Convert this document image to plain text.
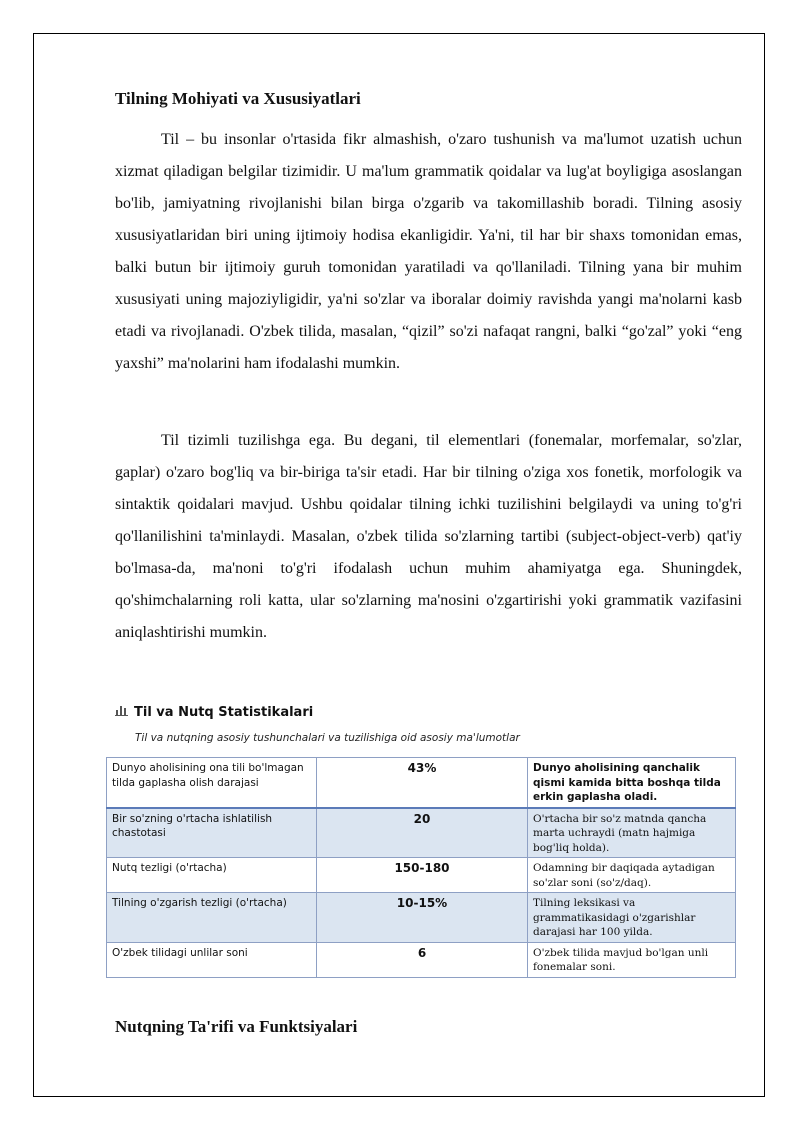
Tilning Mohiyati va Xususiyatlari

Til – bu insonlar o'rtasida fikr almashish, o'zaro tushunish va ma'lumot uzatish uchun xizmat qiladigan belgilar tizimidir. U ma'lum grammatik qoidalar va lug'at boyligiga asoslangan bo'lib, jamiyatning rivojlanishi bilan birga o'zgarib va takomillashib boradi. Tilning asosiy xususiyatlaridan biri uning ijtimoiy hodisa ekanligidir. Ya'ni, til har bir shaxs tomonidan emas, balki butun bir ijtimoiy guruh tomonidan yaratiladi va qo'llaniladi. Tilning yana bir muhim xususiyati uning majoziyligidir, ya'ni so'zlar va iboralar doimiy ravishda yangi ma'nolarni kasb etadi va rivojlanadi. O'zbek tilida, masalan, “qizil” so'zi nafaqat rangni, balki “go'zal” yoki “eng yaxshi” ma'nolarini ham ifodalashi mumkin.

Til tizimli tuzilishga ega. Bu degani, til elementlari (fonemalar, morfemalar, so'zlar, gaplar) o'zaro bog'liq va bir-biriga ta'sir etadi. Har bir tilning o'ziga xos fonetik, morfologik va sintaktik qoidalari mavjud. Ushbu qoidalar tilning ichki tuzilishini belgilaydi va uning to'g'ri qo'llanilishini ta'minlaydi. Masalan, o'zbek tilida so'zlarning tartibi (subject-object-verb) qat'iy bo'lmasa-da, ma'noni to'g'ri ifodalash uchun muhim ahamiyatga ega. Shuningdek, qo'shimchalarning roli katta, ular so'zlarning ma'nosini o'zgartirishi yoki grammatik vazifasini aniqlashtirishi mumkin.

Til va Nutq Statistikalari
Til va nutqning asosiy tushunchalari va tuzilishiga oid asosiy ma'lumotlar
Dunyo aholisining ona tili bo'lmagan tilda gaplasha olish darajasi	43%	Dunyo aholisining qanchalik qismi kamida bitta boshqa tilda erkin gaplasha oladi.
Bir so'zning o'rtacha ishlatilish chastotasi	20	O'rtacha bir so'z matnda qancha marta uchraydi (matn hajmiga bog'liq holda).
Nutq tezligi (o'rtacha)	150-180	Odamning bir daqiqada aytadigan so'zlar soni (so'z/daq).
Tilning o'zgarish tezligi (o'rtacha)	10-15%	Tilning leksikasi va grammatikasidagi o'zgarishlar darajasi har 100 yilda.
O'zbek tilidagi unlilar soni	6	O'zbek tilida mavjud bo'lgan unli fonemalar soni.
Nutqning Ta'rifi va Funktsiyalari
